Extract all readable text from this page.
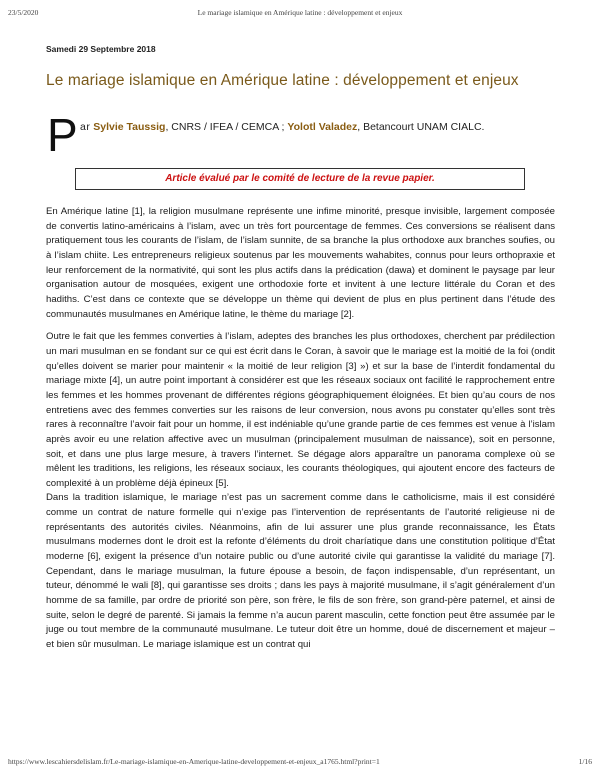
23/5/2020	Le mariage islamique en Amérique latine : développement et enjeux
Samedi 29 Septembre 2018
Le mariage islamique en Amérique latine : développement et enjeux
P ar Sylvie Taussig, CNRS / IFEA / CEMCA ; Yolotl Valadez, Betancourt UNAM CIALC.
Article évalué par le comité de lecture de la revue papier.

En Amérique latine [1], la religion musulmane représente une infime minorité, presque invisible, largement composée de convertis latino-américains à l’islam, avec un très fort pourcentage de femmes. Ces conversions se réalisent dans pratiquement tous les courants de l’islam, de l’islam sunnite, de sa branche la plus orthodoxe aux branches soufies, ou à l’islam chiite. Les entrepreneurs religieux soutenus par les mouvements wahabites, connus pour leurs orthopraxie et leur renforcement de la normativité, qui sont les plus actifs dans la prédication (dawa) et dominent le paysage par leur organisation autour de mosquées, exigent une orthodoxie forte et invitent à une lecture littérale du Coran et des hadiths. C’est dans ce contexte que se développe un thème qui devient de plus en plus pertinent dans l’étude des communautés musulmanes en Amérique latine, le thème du mariage [2].

Outre le fait que les femmes converties à l’islam, adeptes des branches les plus orthodoxes, cherchent par prédilection un mari musulman en se fondant sur ce qui est écrit dans le Coran, à savoir que le mariage est la moitié de la foi (ondit qu’elles doivent se marier pour maintenir « la moitié de leur religion [3] ») et sur la base de l’interdit fondamental du mariage mixte [4], un autre point important à considérer est que les réseaux sociaux ont facilité le rapprochement entre les femmes et les hommes provenant de différentes régions géographiquement éloignées. Et bien qu’au cours de nos entretiens avec des femmes converties sur les raisons de leur conversion, nous avons pu constater qu’elles sont très rares à reconnaître l’avoir fait pour un homme, il est indéniable qu’une grande partie de ces femmes est venue à l’islam après avoir eu une relation affective avec un musulman (principalement musulman de naissance), soit en personne, soit, et dans une plus large mesure, à travers l’internet. Se dégage alors apparaître un panorama complexe où se mêlent les traditions, les religions, les réseaux sociaux, les courants théologiques, qui ajoutent encore des facteurs de complexité à un problème déjà épineux [5].

Dans la tradition islamique, le mariage n’est pas un sacrement comme dans le catholicisme, mais il est considéré comme un contrat de nature formelle qui n’exige pas l’intervention de représentants de l’autorité religieuse ni de représentants des autorités civiles. Néanmoins, afin de lui assurer une plus grande reconnaissance, les États musulmans modernes dont le droit est la refonte d’éléments du droit charíatique dans une constitution politique d’État moderne [6], exigent la présence d’un notaire public ou d’une autorité civile qui garantisse la validité du mariage [7]. Cependant, dans le mariage musulman, la future épouse a besoin, de façon indispensable, d’un représentant, un tuteur, dénommé le wali [8], qui garantisse ses droits ; dans les pays à majorité musulmane, il s’agit généralement d’un homme de sa famille, par ordre de priorité son père, son frère, le fils de son frère, son grand-père paternel, et ainsi de suite, selon le degré de parenté. Si jamais la femme n’a aucun parent masculin, cette fonction peut être assumée par le juge ou tout membre de la communauté musulmane. Le tuteur doit être un homme, doué de discernement et majeur – et bien sûr musulman. Le mariage islamique est un contrat qui

https://www.lescahiersdelislam.fr/Le-mariage-islamique-en-Amerique-latine-developpement-et-enjeux_a1765.html?print=1	1/16
